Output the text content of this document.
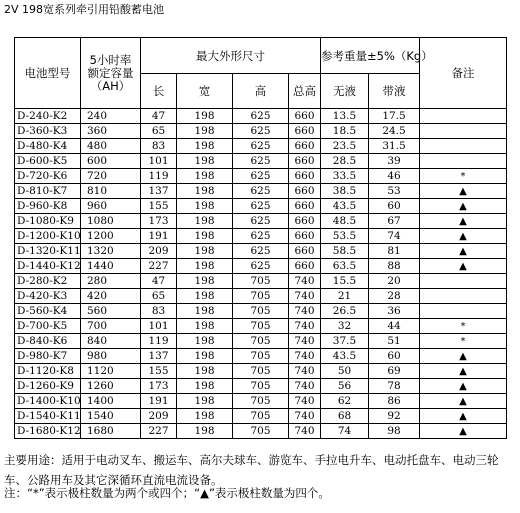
2V 198宽系列牵引用铅酸蓄电池
电池型号	5小时率
额定容量
（AH）	最大外形尺寸				参考重量±5%（Kg）		备注
		长	宽	高	总高	无液	带液	
D-240-K2	240	47	198	625	660	13.5	17.5	
D-360-K3	360	65	198	625	660	18.5	24.5	
D-480-K4	480	83	198	625	660	23.5	31.5	
D-600-K5	600	101	198	625	660	28.5	39	
D-720-K6	720	119	198	625	660	33.5	46	*
D-810-K7	810	137	198	625	660	38.5	53	▲
D-960-K8	960	155	198	625	660	43.5	60	▲
D-1080-K9	1080	173	198	625	660	48.5	67	▲
D-1200-K10	1200	191	198	625	660	53.5	74	▲
D-1320-K11	1320	209	198	625	660	58.5	81	▲
D-1440-K12	1440	227	198	625	660	63.5	88	▲
D-280-K2	280	47	198	705	740	15.5	20	
D-420-K3	420	65	198	705	740	21	28	
D-560-K4	560	83	198	705	740	26.5	36	
D-700-K5	700	101	198	705	740	32	44	*
D-840-K6	840	119	198	705	740	37.5	51	*
D-980-K7	980	137	198	705	740	43.5	60	▲
D-1120-K8	1120	155	198	705	740	50	69	▲
D-1260-K9	1260	173	198	705	740	56	78	▲
D-1400-K10	1400	191	198	705	740	62	86	▲
D-1540-K11	1540	209	198	705	740	68	92	▲
D-1680-K12	1680	227	198	705	740	74	98	▲
主要用途：适用于电动叉车、搬运车、高尔夫球车、游览车、手拉电升车、电动托盘车、电动三轮车、公路用车及其它深循环直流电流设备。
注：“*”表示极柱数量为两个或四个；“▲”表示极柱数量为四个。
